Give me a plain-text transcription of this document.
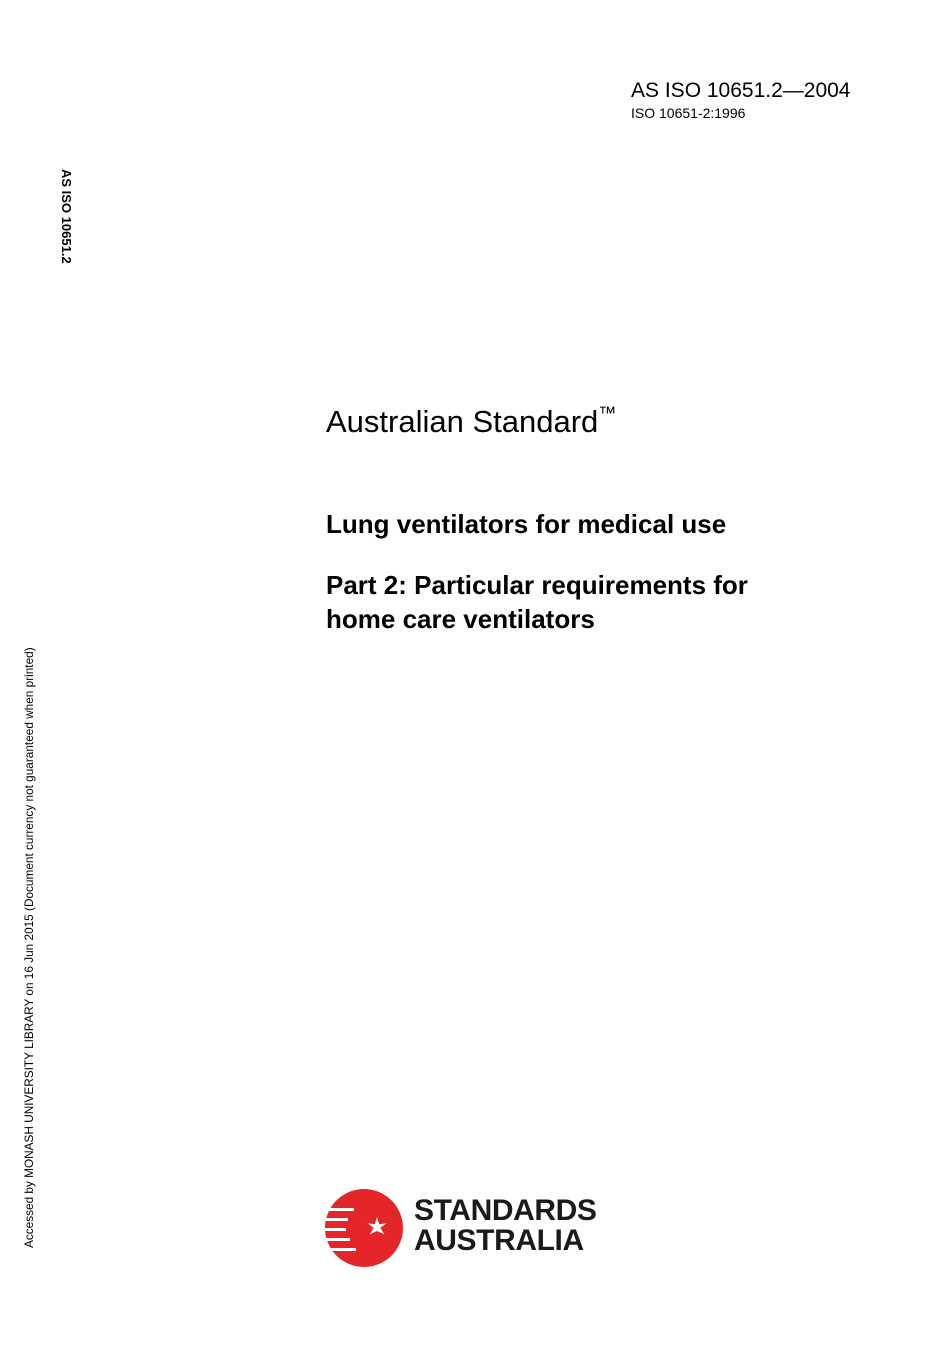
AS ISO 10651.2—2004
ISO 10651-2:1996
AS ISO 10651.2
Accessed by MONASH UNIVERSITY LIBRARY on 16 Jun 2015 (Document currency not guaranteed when printed)
Australian Standard™
Lung ventilators for medical use
Part 2: Particular requirements for
home care ventilators
STANDARDS
AUSTRALIA
